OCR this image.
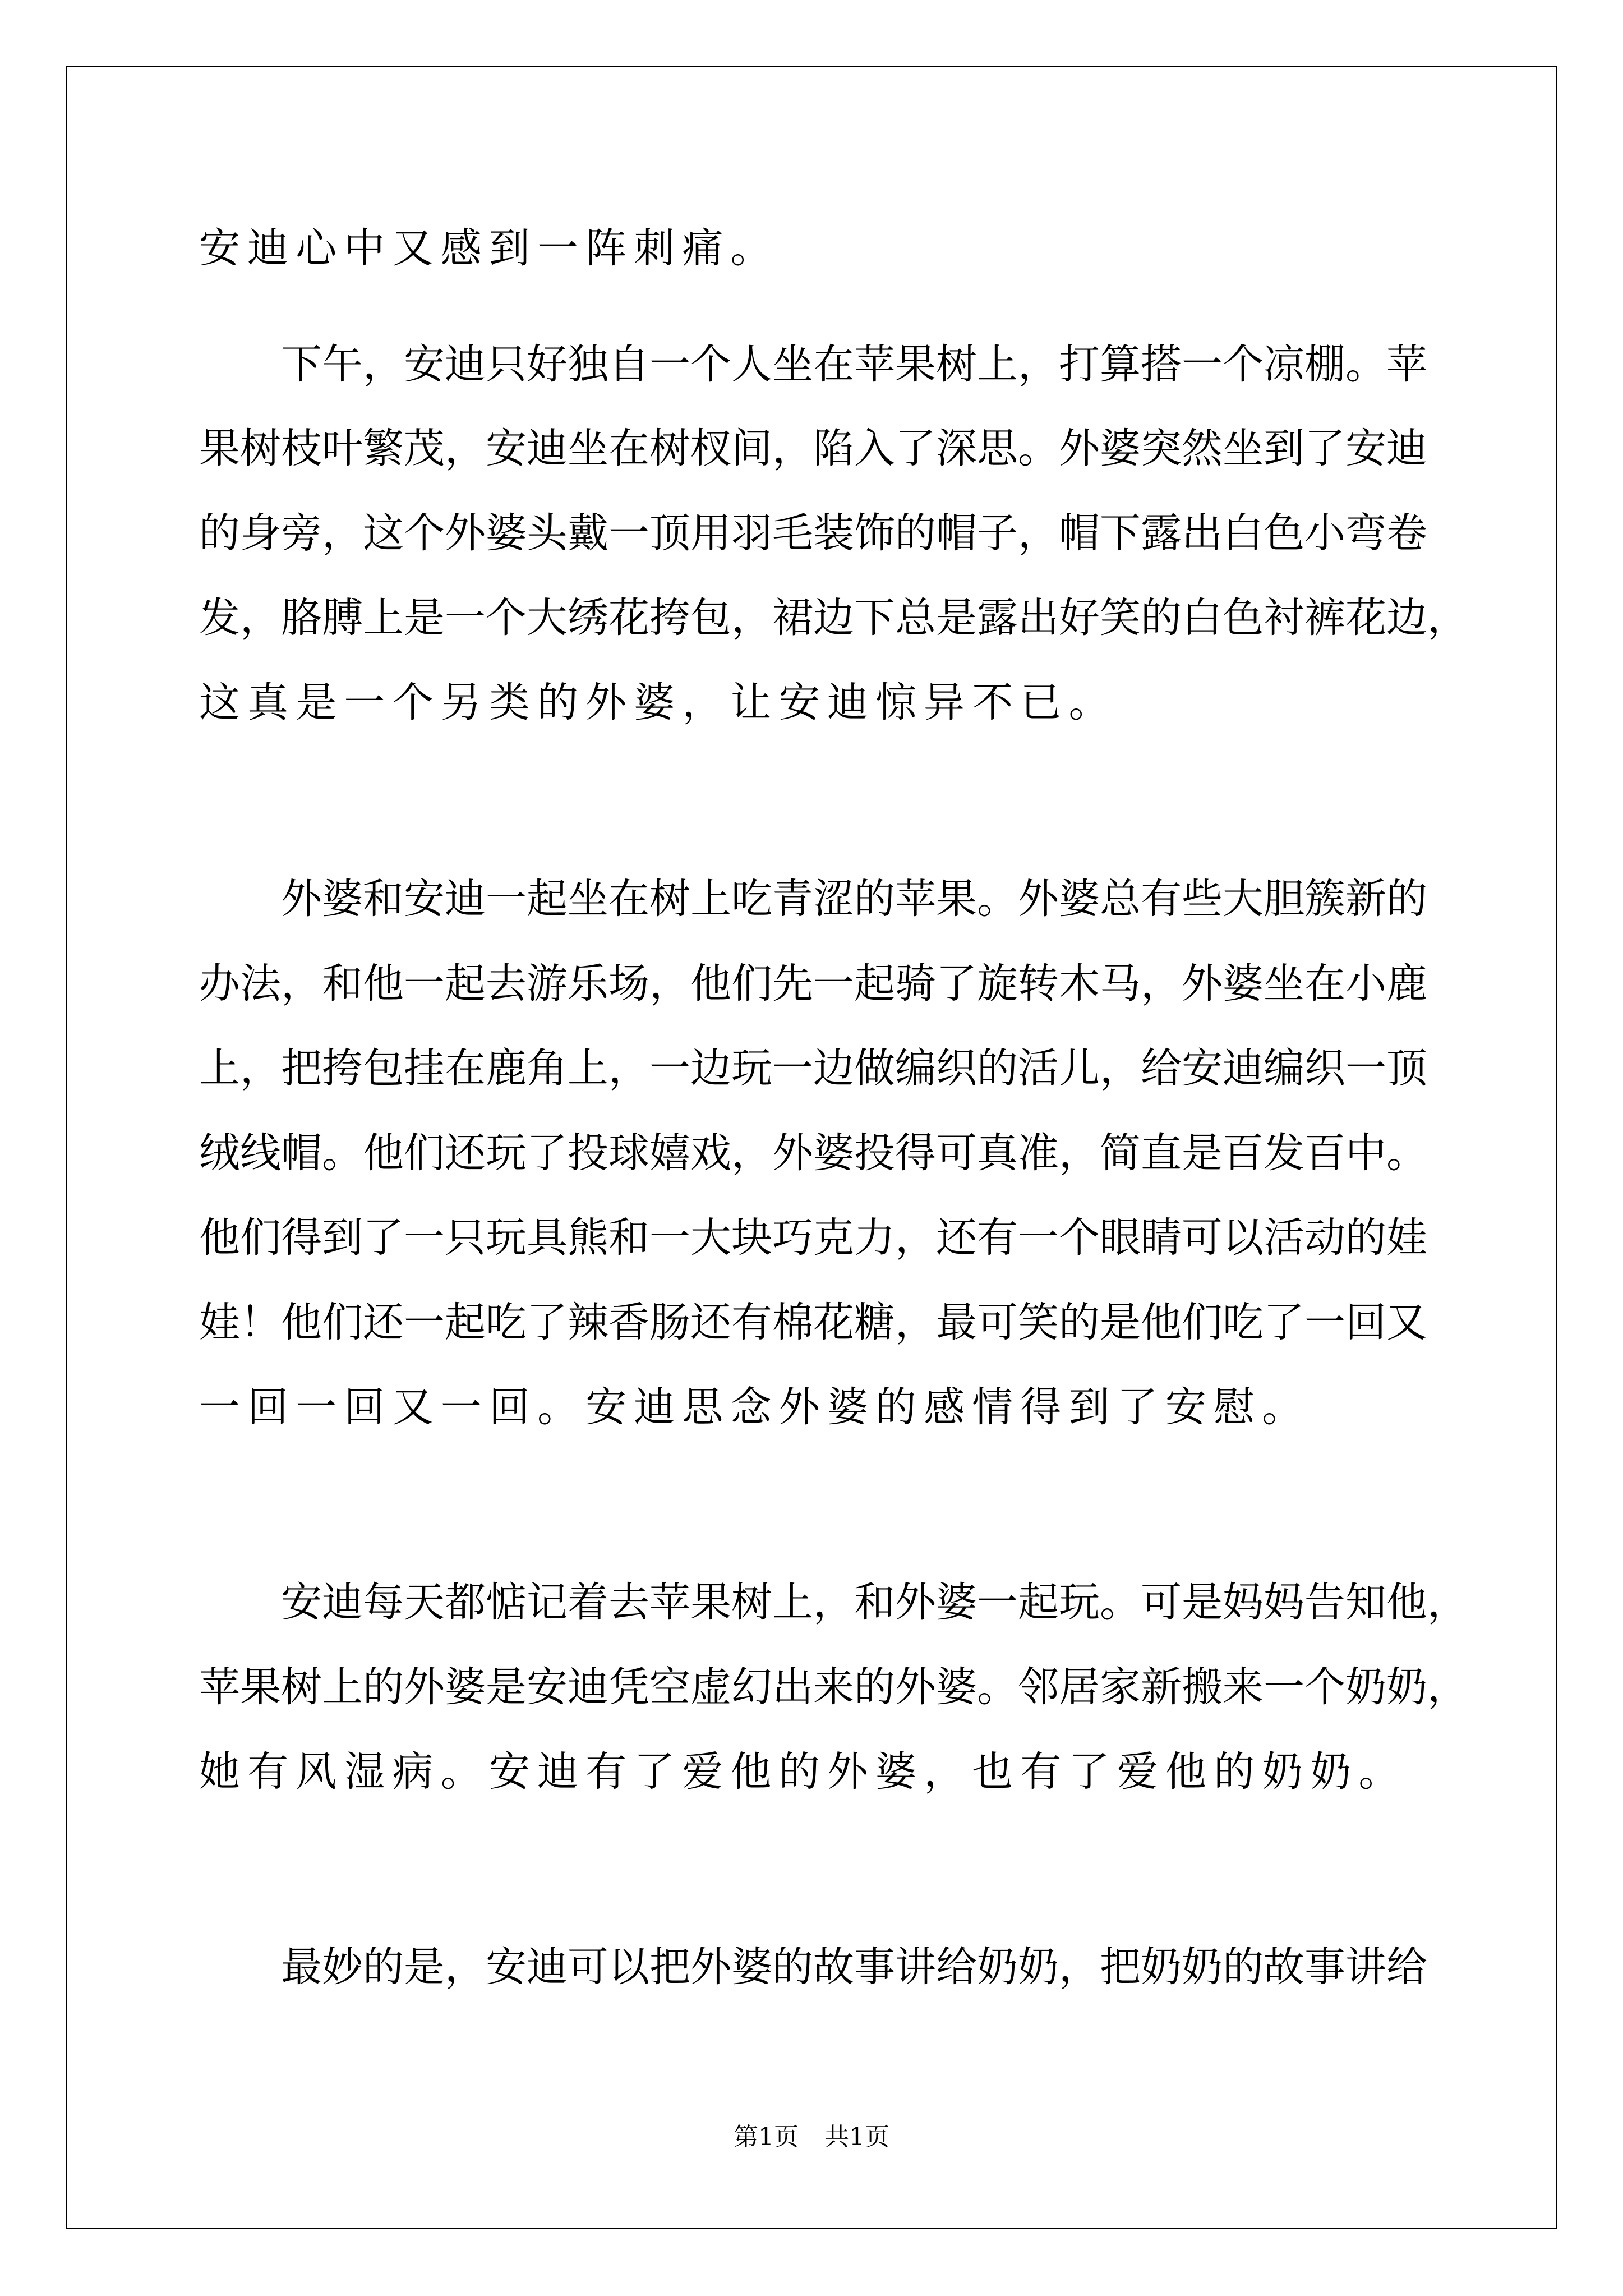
安迪心中又感到一阵刺痛。
下 午 ， 安 迪 只 好 独 自 一 个 人 坐 在 苹 果 树 上 ， 打 算 搭 一 个 凉 棚 。 苹
果 树 枝 叶 繁 茂 ， 安 迪 坐 在 树 杈 间 ， 陷 入 了 深 思 。 外 婆 突 然 坐 到 了 安 迪
的 身 旁 ， 这 个 外 婆 头 戴 一 顶 用 羽 毛 装 饰 的 帽 子 ， 帽 下 露 出 白 色 小 弯 卷
发 ， 胳 膊 上 是 一 个 大 绣 花 挎 包 ， 裙 边 下 总 是 露 出 好 笑 的 白 色 衬 裤 花 边 ，
这真是一个另类的外婆，让安迪惊异不已。
外 婆 和 安 迪 一 起 坐 在 树 上 吃 青 涩 的 苹 果 。 外 婆 总 有 些 大 胆 簇 新 的
办 法 ， 和 他 一 起 去 游 乐 场 ， 他 们 先 一 起 骑 了 旋 转 木 马 ， 外 婆 坐 在 小 鹿
上 ， 把 挎 包 挂 在 鹿 角 上 ， 一 边 玩 一 边 做 编 织 的 活 儿 ， 给 安 迪 编 织 一 顶
绒 线 帽 。 他 们 还 玩 了 投 球 嬉 戏 ， 外 婆 投 得 可 真 准 ， 简 直 是 百 发 百 中 。
他 们 得 到 了 一 只 玩 具 熊 和 一 大 块 巧 克 力 ， 还 有 一 个 眼 睛 可 以 活 动 的 娃
娃 ！ 他 们 还 一 起 吃 了 辣 香 肠 还 有 棉 花 糖 ， 最 可 笑 的 是 他 们 吃 了 一 回 又
一回一回又一回。安迪思念外婆的感情得到了安慰。
安 迪 每 天 都 惦 记 着 去 苹 果 树 上 ， 和 外 婆 一 起 玩 。 可 是 妈 妈 告 知 他 ，
苹 果 树 上 的 外 婆 是 安 迪 凭 空 虚 幻 出 来 的 外 婆 。 邻 居 家 新 搬 来 一 个 奶 奶 ，
她有风湿病。安迪有了爱他的外婆，也有了爱他的奶奶。
最 妙 的 是 ， 安 迪 可 以 把 外 婆 的 故 事 讲 给 奶 奶 ， 把 奶 奶 的 故 事 讲 给
第1页 共1页
